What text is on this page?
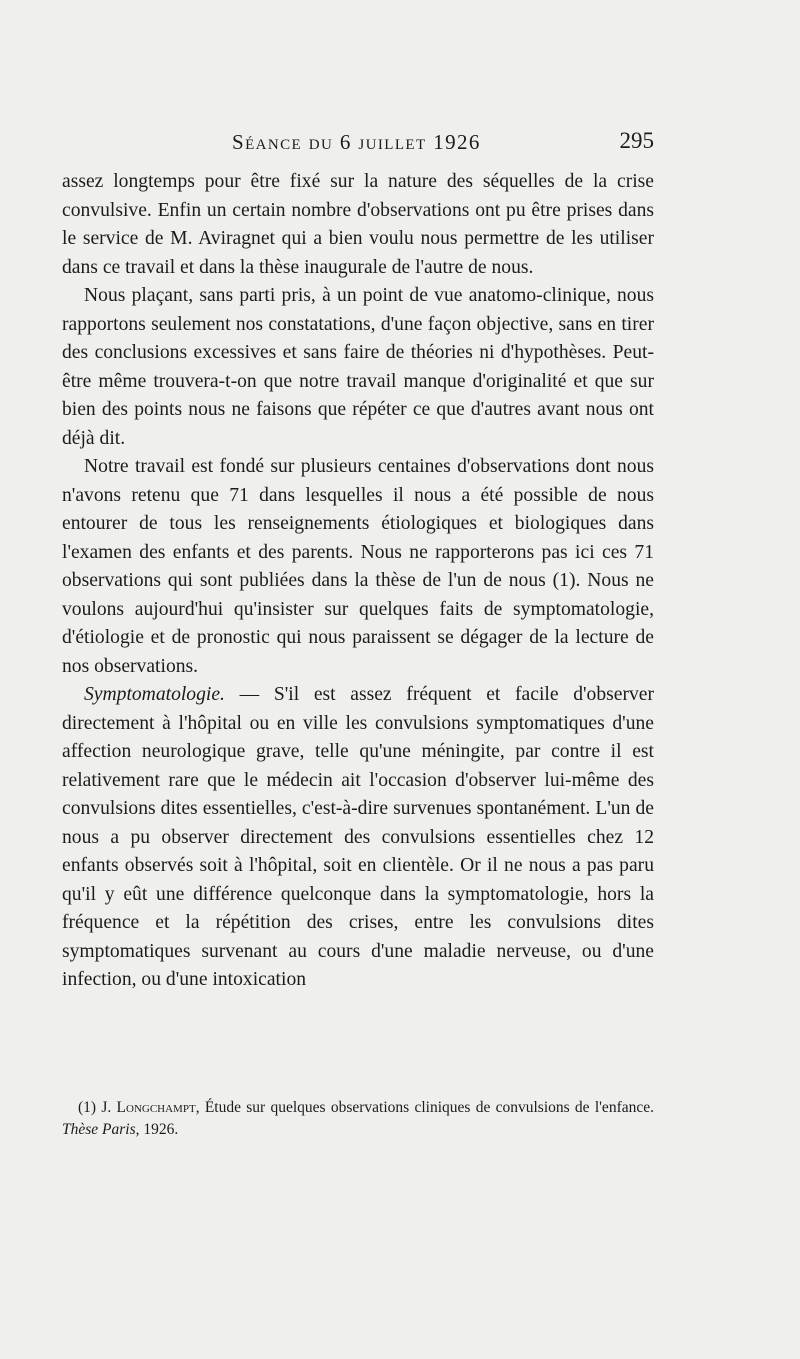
Séance du 6 juillet 1926	295

assez longtemps pour être fixé sur la nature des séquelles de la crise convulsive. Enfin un certain nombre d'observations ont pu être prises dans le service de M. Aviragnet qui a bien voulu nous permettre de les utiliser dans ce travail et dans la thèse inaugurale de l'autre de nous.

Nous plaçant, sans parti pris, à un point de vue anatomo-clinique, nous rapportons seulement nos constatations, d'une façon objective, sans en tirer des conclusions excessives et sans faire de théories ni d'hypothèses. Peut-être même trouvera-t-on que notre travail manque d'originalité et que sur bien des points nous ne faisons que répéter ce que d'autres avant nous ont déjà dit.

Notre travail est fondé sur plusieurs centaines d'observations dont nous n'avons retenu que 71 dans lesquelles il nous a été possible de nous entourer de tous les renseignements étiologiques et biologiques dans l'examen des enfants et des parents. Nous ne rapporterons pas ici ces 71 observations qui sont publiées dans la thèse de l'un de nous (1). Nous ne voulons aujourd'hui qu'insister sur quelques faits de symptomatologie, d'étiologie et de pronostic qui nous paraissent se dégager de la lecture de nos observations.

Symptomatologie. — S'il est assez fréquent et facile d'observer directement à l'hôpital ou en ville les convulsions symptomatiques d'une affection neurologique grave, telle qu'une méningite, par contre il est relativement rare que le médecin ait l'occasion d'observer lui-même des convulsions dites essentielles, c'est-à-dire survenues spontanément. L'un de nous a pu observer directement des convulsions essentielles chez 12 enfants observés soit à l'hôpital, soit en clientèle. Or il ne nous a pas paru qu'il y eût une différence quelconque dans la symptomatologie, hors la fréquence et la répétition des crises, entre les convulsions dites symptomatiques survenant au cours d'une maladie nerveuse, ou d'une infection, ou d'une intoxication

(1) J. Longchampt, Étude sur quelques observations cliniques de convulsions de l'enfance. Thèse Paris, 1926.
